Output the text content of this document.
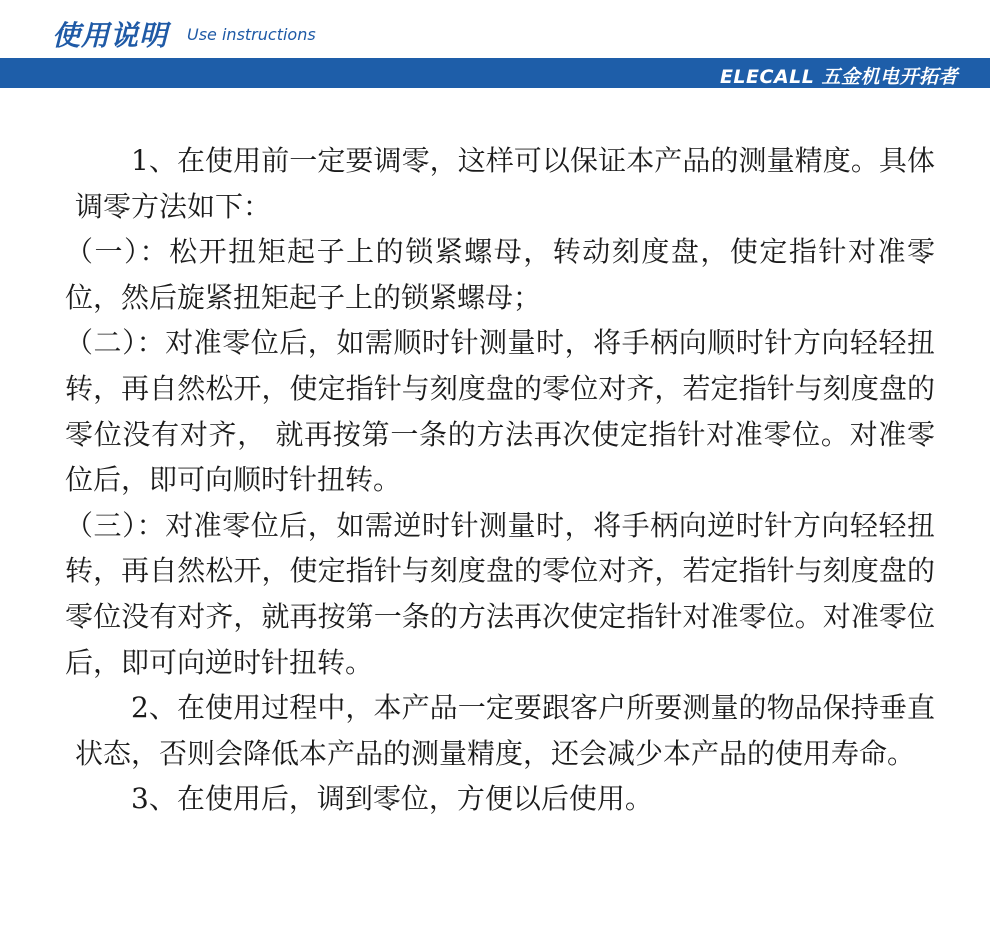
使用说明 Use instructions
ELECALL 五金机电开拓者

1、在使用前一定要调零，这样可以保证本产品的测量精度。具体调零方法如下：

（一）：松开扭矩起子上的锁紧螺母，转动刻度盘，使定指针对准零位，然后旋紧扭矩起子上的锁紧螺母；

（二）：对准零位后，如需顺时针测量时，将手柄向顺时针方向轻轻扭转，再自然松开，使定指针与刻度盘的零位对齐，若定指针与刻度盘的零位没有对齐， 就再按第一条的方法再次使定指针对准零位。对准零位后，即可向顺时针扭转。

（三）：对准零位后，如需逆时针测量时，将手柄向逆时针方向轻轻扭转，再自然松开，使定指针与刻度盘的零位对齐，若定指针与刻度盘的零位没有对齐，就再按第一条的方法再次使定指针对准零位。对准零位后，即可向逆时针扭转。

2、在使用过程中，本产品一定要跟客户所要测量的物品保持垂直状态，否则会降低本产品的测量精度，还会减少本产品的使用寿命。

3、在使用后，调到零位，方便以后使用。
